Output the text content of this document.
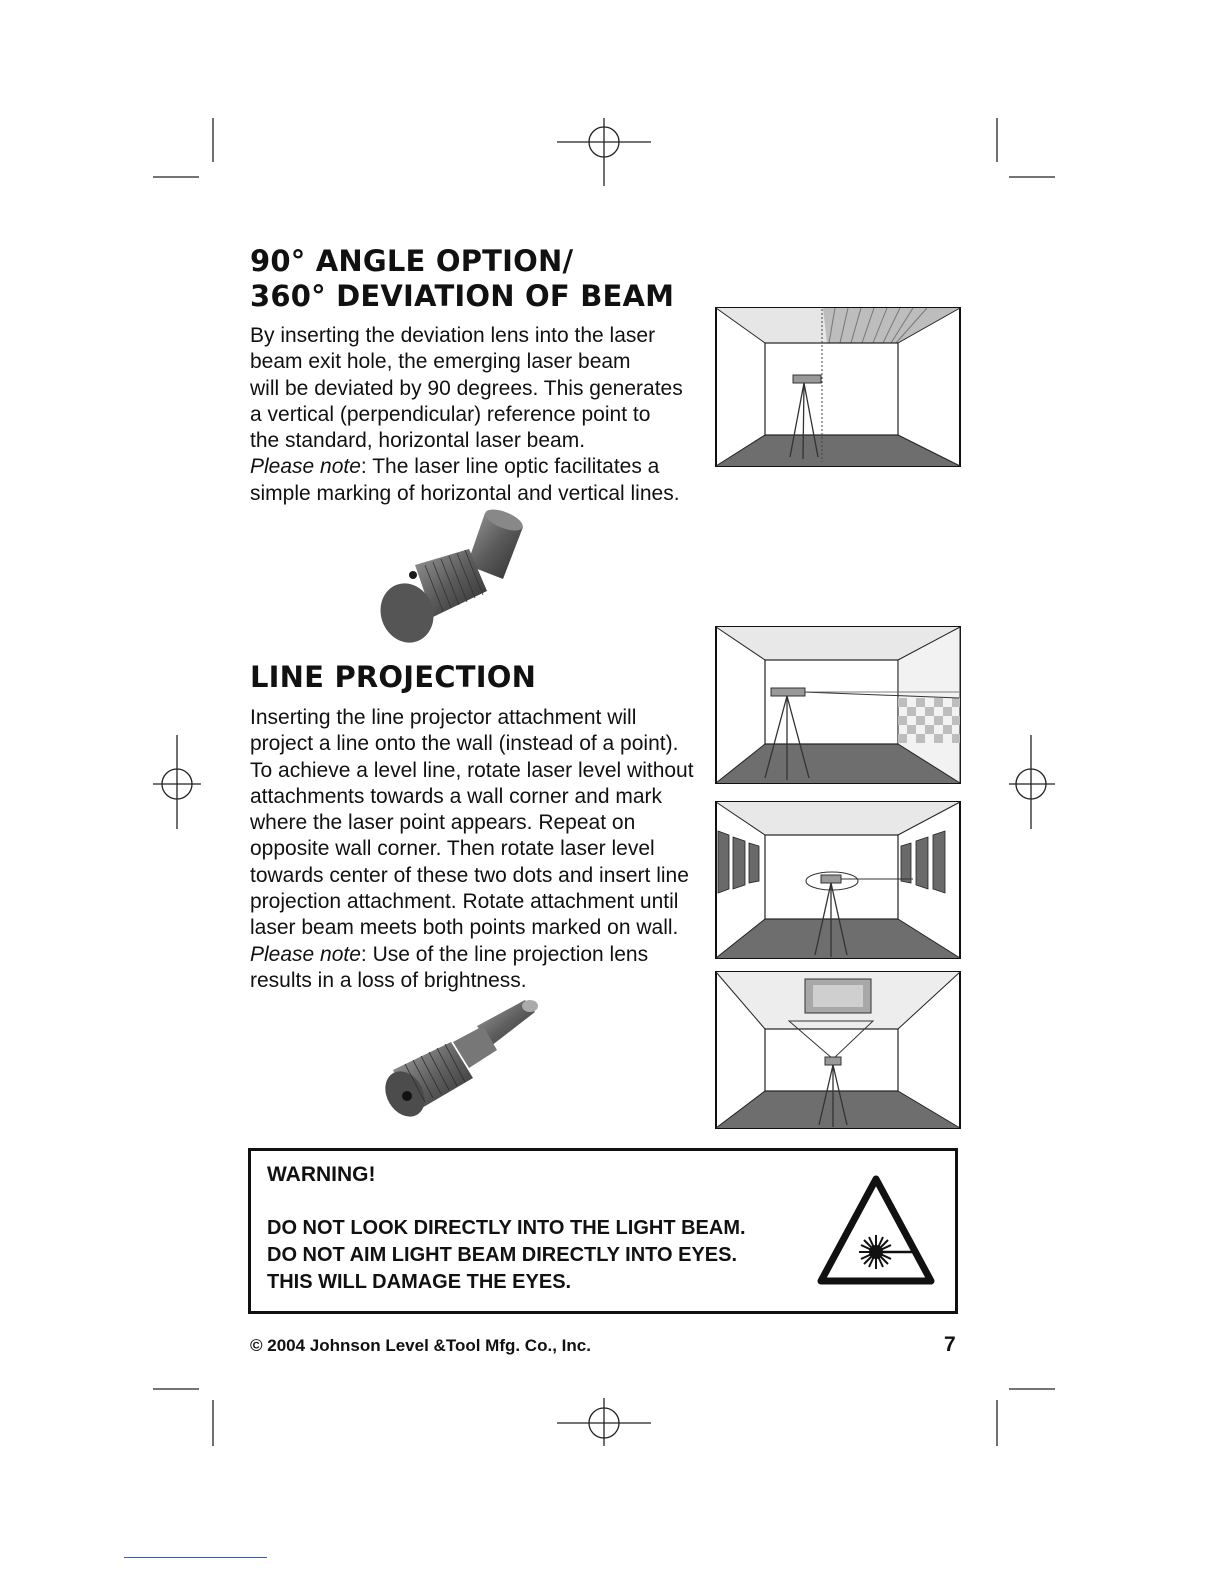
90° ANGLE OPTION/
360° DEVIATION OF BEAM

By inserting the deviation lens into the laser
beam exit hole, the emerging laser beam
will be deviated by 90 degrees. This generates
a vertical (perpendicular) reference point to
the standard, horizontal laser beam.
Please note: The laser line optic facilitates a
simple marking of horizontal and vertical lines.

LINE PROJECTION

Inserting the line projector attachment will
project a line onto the wall (instead of a point).
To achieve a level line, rotate laser level without
attachments towards a wall corner and mark
where the laser point appears. Repeat on
opposite wall corner. Then rotate laser level
towards center of these two dots and insert line
projection attachment. Rotate attachment until
laser beam meets both points marked on wall.
Please note: Use of the line projection lens
results in a loss of brightness.

WARNING!
DO NOT LOOK DIRECTLY INTO THE LIGHT BEAM.
DO NOT AIM LIGHT BEAM DIRECTLY INTO EYES.
THIS WILL DAMAGE THE EYES.
© 2004 Johnson Level &Tool Mfg. Co., Inc.	7
